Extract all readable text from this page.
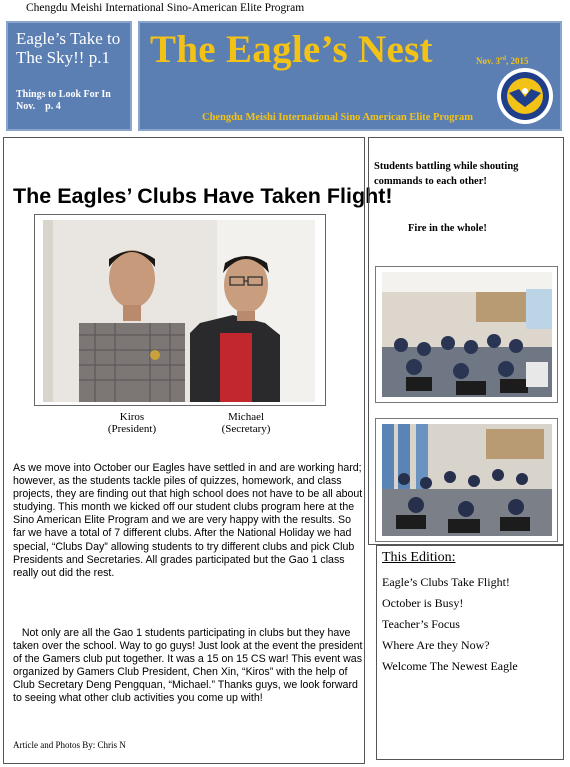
Chengdu Meishi International Sino-American Elite Program
Eagle’s Take to The Sky!! p.1
Things to Look For In
Nov.    p. 4
The Eagle’s Nest	Nov. 3rd, 2015
Chengdu Meishi International Sino American Elite Program
The Eagles’ Clubs Have Taken Flight!
Kiros
(President)
Michael
(Secretary)
As we move into October our Eagles have settled in and are working hard; however, as the students tackle piles of quizzes, homework, and class projects, they are finding out that high school does not have to be all about studying. This month we kicked off our student clubs program here at the Sino American Elite Program and we are very happy with the results. So far we have a total of 7 different clubs. After the National Holiday we had special, “Clubs Day” allowing students to try different clubs and pick Club Presidents and Secretaries. All grades participated but the Gao 1 class really out did the rest.
Not only are all the Gao 1 students participating in clubs but they have taken over the school. Way to go guys! Just look at the event the president of the Gamers club put together. It was a 15 on 15 CS war! This event was organized by Gamers Club President, Chen Xin, “Kiros” with the help of Club Secretary Deng Pengquan, “Michael.” Thanks guys, we look forward to seeing what other club activities you come up with!
Article and Photos By: Chris N
Students battling while shouting commands to each other!
Fire in the whole!
This Edition:
Eagle’s Clubs Take Flight!
October is Busy!
Teacher’s Focus
Where Are they Now?
Welcome The Newest Eagle
